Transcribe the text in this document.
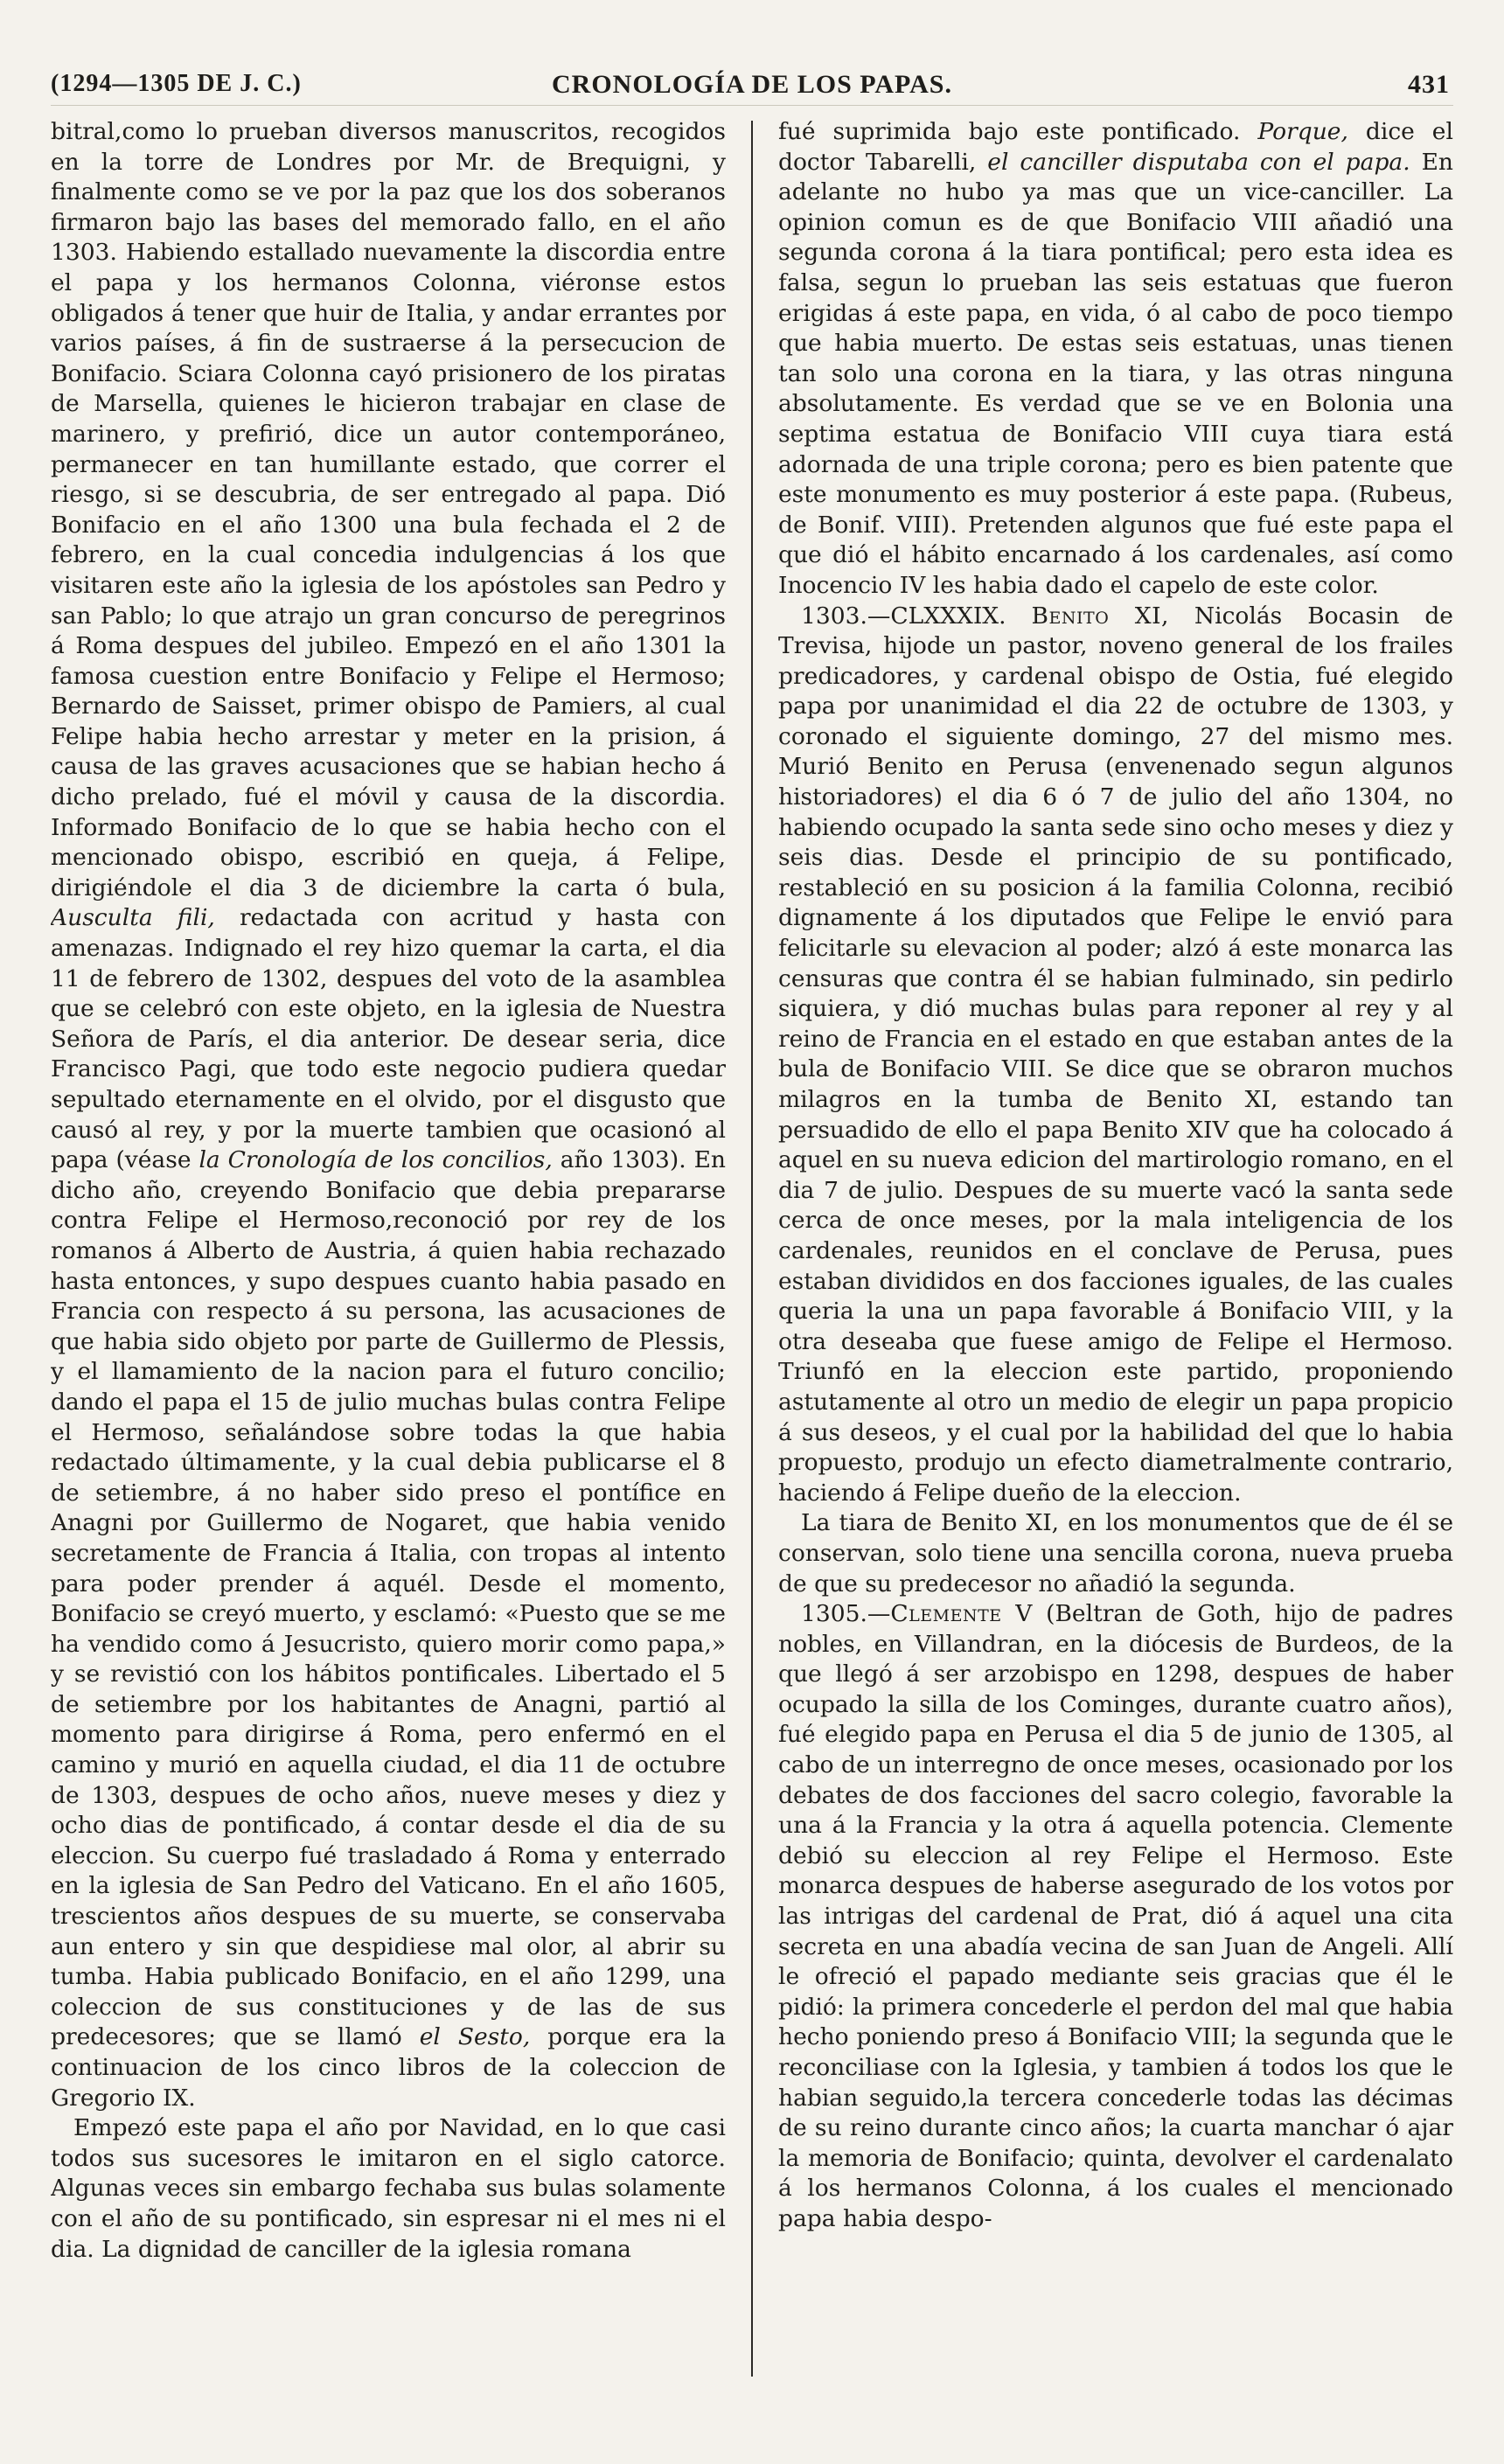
(1294—1305 DE J. C.)	CRONOLOGÍA DE LOS PAPAS.	431

bitral,como lo prueban diversos manuscritos, recogidos en la torre de Londres por Mr. de Brequigni, y finalmente como se ve por la paz que los dos soberanos firmaron bajo las bases del memorado fallo, en el año 1303. Habiendo estallado nuevamente la discordia entre el papa y los hermanos Colonna, viéronse estos obligados á tener que huir de Italia, y andar errantes por varios países, á fin de sustraerse á la persecucion de Bonifacio. Sciara Colonna cayó prisionero de los piratas de Marsella, quienes le hicieron trabajar en clase de marinero, y prefirió, dice un autor contemporáneo, permanecer en tan humillante estado, que correr el riesgo, si se descubria, de ser entregado al papa. Dió Bonifacio en el año 1300 una bula fechada el 2 de febrero, en la cual concedia indulgencias á los que visitaren este año la iglesia de los apóstoles san Pedro y san Pablo; lo que atrajo un gran concurso de peregrinos á Roma despues del jubileo. Empezó en el año 1301 la famosa cuestion entre Bonifacio y Felipe el Hermoso; Bernardo de Saisset, primer obispo de Pamiers, al cual Felipe habia hecho arrestar y meter en la prision, á causa de las graves acusaciones que se habian hecho á dicho prelado, fué el móvil y causa de la discordia. Informado Bonifacio de lo que se habia hecho con el mencionado obispo, escribió en queja, á Felipe, dirigiéndole el dia 3 de diciembre la carta ó bula, Ausculta fili, redactada con acritud y hasta con amenazas. Indignado el rey hizo quemar la carta, el dia 11 de febrero de 1302, despues del voto de la asamblea que se celebró con este objeto, en la iglesia de Nuestra Señora de París, el dia anterior. De desear seria, dice Francisco Pagi, que todo este negocio pudiera quedar sepultado eternamente en el olvido, por el disgusto que causó al rey, y por la muerte tambien que ocasionó al papa (véase la Cronología de los concilios, año 1303). En dicho año, creyendo Bonifacio que debia prepararse contra Felipe el Hermoso,reconoció por rey de los romanos á Alberto de Austria, á quien habia rechazado hasta entonces, y supo despues cuanto habia pasado en Francia con respecto á su persona, las acusaciones de que habia sido objeto por parte de Guillermo de Plessis, y el llamamiento de la nacion para el futuro concilio; dando el papa el 15 de julio muchas bulas contra Felipe el Hermoso, señalándose sobre todas la que habia redactado últimamente, y la cual debia publicarse el 8 de setiembre, á no haber sido preso el pontífice en Anagni por Guillermo de Nogaret, que habia venido secretamente de Francia á Italia, con tropas al intento para poder prender á aquél. Desde el momento, Bonifacio se creyó muerto, y esclamó: «Puesto que se me ha vendido como á Jesucristo, quiero morir como papa,» y se revistió con los hábitos pontificales. Libertado el 5 de setiembre por los habitantes de Anagni, partió al momento para dirigirse á Roma, pero enfermó en el camino y murió en aquella ciudad, el dia 11 de octubre de 1303, despues de ocho años, nueve meses y diez y ocho dias de pontificado, á contar desde el dia de su eleccion. Su cuerpo fué trasladado á Roma y enterrado en la iglesia de San Pedro del Vaticano. En el año 1605, trescientos años despues de su muerte, se conservaba aun entero y sin que despidiese mal olor, al abrir su tumba. Habia publicado Bonifacio, en el año 1299, una coleccion de sus constituciones y de las de sus predecesores; que se llamó el Sesto, porque era la continuacion de los cinco libros de la coleccion de Gregorio IX.

Empezó este papa el año por Navidad, en lo que casi todos sus sucesores le imitaron en el siglo catorce. Algunas veces sin embargo fechaba sus bulas solamente con el año de su pontificado, sin espresar ni el mes ni el dia. La dignidad de canciller de la iglesia romana

fué suprimida bajo este pontificado. Porque, dice el doctor Tabarelli, el canciller disputaba con el papa. En adelante no hubo ya mas que un vice-canciller. La opinion comun es de que Bonifacio VIII añadió una segunda corona á la tiara pontifical; pero esta idea es falsa, segun lo prueban las seis estatuas que fueron erigidas á este papa, en vida, ó al cabo de poco tiempo que habia muerto. De estas seis estatuas, unas tienen tan solo una corona en la tiara, y las otras ninguna absolutamente. Es verdad que se ve en Bolonia una septima estatua de Bonifacio VIII cuya tiara está adornada de una triple corona; pero es bien patente que este monumento es muy posterior á este papa. (Rubeus, de Bonif. VIII). Pretenden algunos que fué este papa el que dió el hábito encarnado á los cardenales, así como Inocencio IV les habia dado el capelo de este color.

1303.—CLXXXIX. Benito XI, Nicolás Bocasin de Trevisa, hijode un pastor, noveno general de los frailes predicadores, y cardenal obispo de Ostia, fué elegido papa por unanimidad el dia 22 de octubre de 1303, y coronado el siguiente domingo, 27 del mismo mes. Murió Benito en Perusa (envenenado segun algunos historiadores) el dia 6 ó 7 de julio del año 1304, no habiendo ocupado la santa sede sino ocho meses y diez y seis dias. Desde el principio de su pontificado, restableció en su posicion á la familia Colonna, recibió dignamente á los diputados que Felipe le envió para felicitarle su elevacion al poder; alzó á este monarca las censuras que contra él se habian fulminado, sin pedirlo siquiera, y dió muchas bulas para reponer al rey y al reino de Francia en el estado en que estaban antes de la bula de Bonifacio VIII. Se dice que se obraron muchos milagros en la tumba de Benito XI, estando tan persuadido de ello el papa Benito XIV que ha colocado á aquel en su nueva edicion del martirologio romano, en el dia 7 de julio. Despues de su muerte vacó la santa sede cerca de once meses, por la mala inteligencia de los cardenales, reunidos en el conclave de Perusa, pues estaban divididos en dos facciones iguales, de las cuales queria la una un papa favorable á Bonifacio VIII, y la otra deseaba que fuese amigo de Felipe el Hermoso. Triunfó en la eleccion este partido, proponiendo astutamente al otro un medio de elegir un papa propicio á sus deseos, y el cual por la habilidad del que lo habia propuesto, produjo un efecto diametralmente contrario, haciendo á Felipe dueño de la eleccion.

La tiara de Benito XI, en los monumentos que de él se conservan, solo tiene una sencilla corona, nueva prueba de que su predecesor no añadió la segunda.

1305.—Clemente V (Beltran de Goth, hijo de padres nobles, en Villandran, en la diócesis de Burdeos, de la que llegó á ser arzobispo en 1298, despues de haber ocupado la silla de los Cominges, durante cuatro años), fué elegido papa en Perusa el dia 5 de junio de 1305, al cabo de un interregno de once meses, ocasionado por los debates de dos facciones del sacro colegio, favorable la una á la Francia y la otra á aquella potencia. Clemente debió su eleccion al rey Felipe el Hermoso. Este monarca despues de haberse asegurado de los votos por las intrigas del cardenal de Prat, dió á aquel una cita secreta en una abadía vecina de san Juan de Angeli. Allí le ofreció el papado mediante seis gracias que él le pidió: la primera concederle el perdon del mal que habia hecho poniendo preso á Bonifacio VIII; la segunda que le reconciliase con la Iglesia, y tambien á todos los que le habian seguido,la tercera concederle todas las décimas de su reino durante cinco años; la cuarta manchar ó ajar la memoria de Bonifacio; quinta, devolver el cardenalato á los hermanos Colonna, á los cuales el mencionado papa habia despo-
